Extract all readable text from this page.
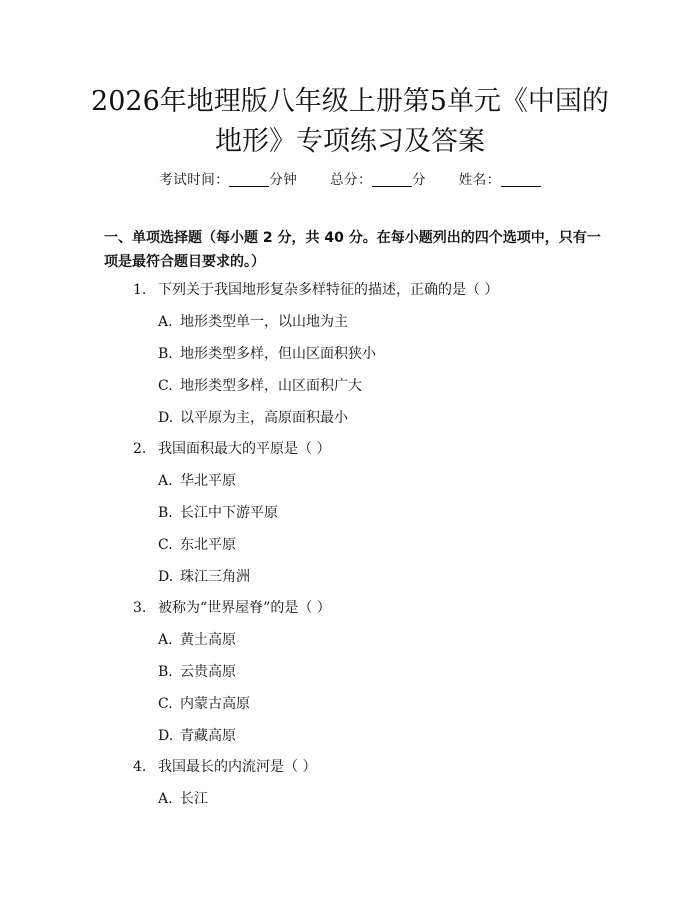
2026年地理版八年级上册第5单元《中国的
地形》专项练习及答案
考试时间：	分钟 总分：	分 姓名：
一、单项选择题（每小题 2 分，共 40 分。在每小题列出的四个选项中，只有一项是最符合题目要求的。）
1. 下列关于我国地形复杂多样特征的描述，正确的是（ ）
A. 地形类型单一，以山地为主
B. 地形类型多样，但山区面积狭小
C. 地形类型多样，山区面积广大
D. 以平原为主，高原面积最小
2. 我国面积最大的平原是（ ）
A. 华北平原
B. 长江中下游平原
C. 东北平原
D. 珠江三角洲
3. 被称为“世界屋脊”的是（ ）
A. 黄土高原
B. 云贵高原
C. 内蒙古高原
D. 青藏高原
4. 我国最长的内流河是（ ）
A. 长江
